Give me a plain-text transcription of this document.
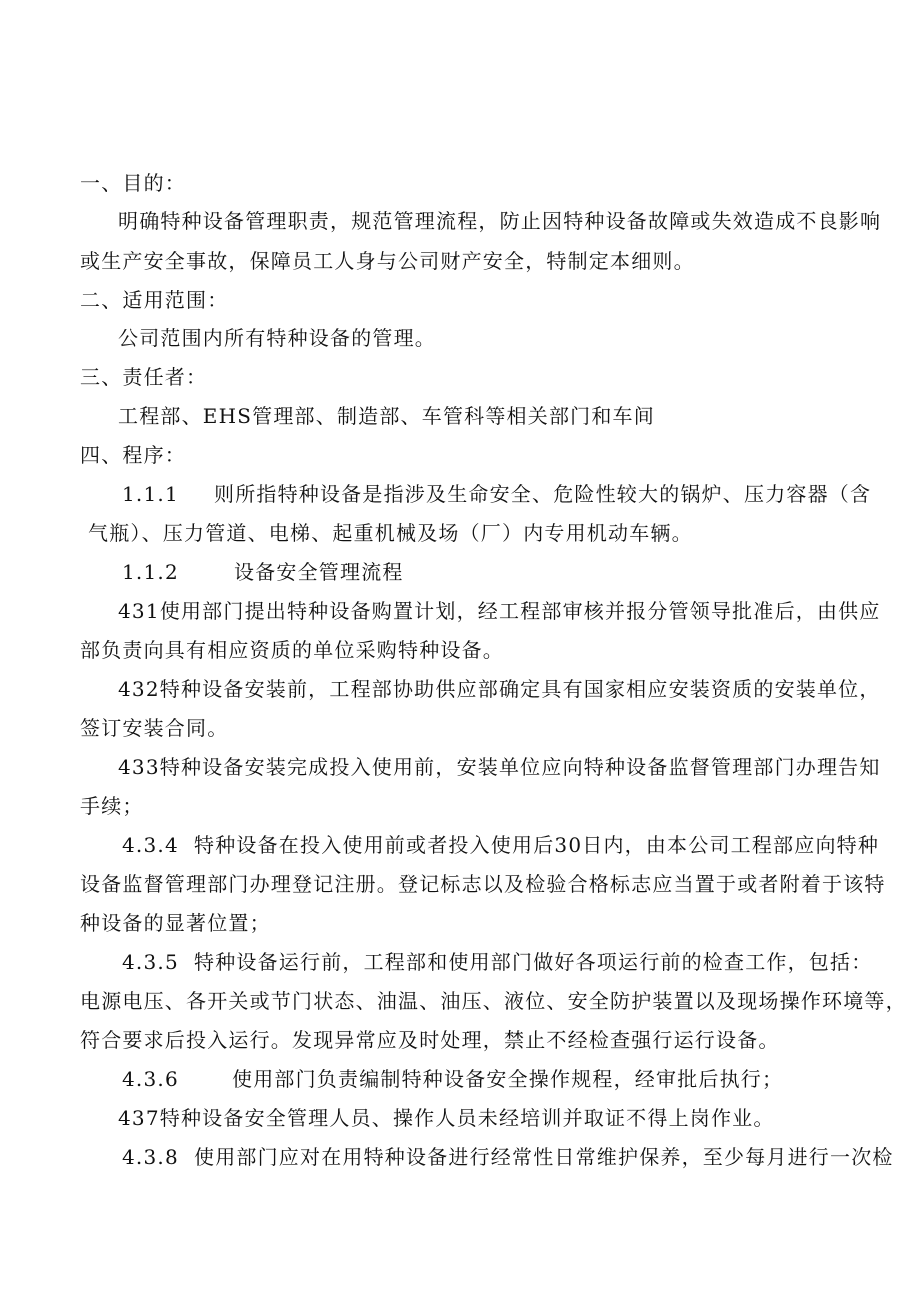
一、目的：
明确特种设备管理职责，规范管理流程，防止因特种设备故障或失效造成不良影响
或生产安全事故，保障员工人身与公司财产安全，特制定本细则。
二、适用范围：
公司范围内所有特种设备的管理。
三、责任者：
工程部、EHS管理部、制造部、车管科等相关部门和车间
四、程序：
1.1.1 则所指特种设备是指涉及生命安全、危险性较大的锅炉、压力容器（含
气瓶）、压力管道、电梯、起重机械及场（厂）内专用机动车辆。
1.1.2	设备安全管理流程
431使用部门提出特种设备购置计划，经工程部审核并报分管领导批准后，由供应
部负责向具有相应资质的单位采购特种设备。
432特种设备安装前，工程部协助供应部确定具有国家相应安装资质的安装单位，
签订安装合同。
433特种设备安装完成投入使用前，安装单位应向特种设备监督管理部门办理告知
手续；
4.3.4 特种设备在投入使用前或者投入使用后30日内，由本公司工程部应向特种
设备监督管理部门办理登记注册。登记标志以及检验合格标志应当置于或者附着于该特
种设备的显著位置；
4.3.5 特种设备运行前，工程部和使用部门做好各项运行前的检查工作，包括：
电源电压、各开关或节门状态、油温、油压、液位、安全防护装置以及现场操作环境等，
符合要求后投入运行。发现异常应及时处理，禁止不经检查强行运行设备。
4.3.6	使用部门负责编制特种设备安全操作规程，经审批后执行；
437特种设备安全管理人员、操作人员未经培训并取证不得上岗作业。
4.3.8 使用部门应对在用特种设备进行经常性日常维护保养，至少每月进行一次检
